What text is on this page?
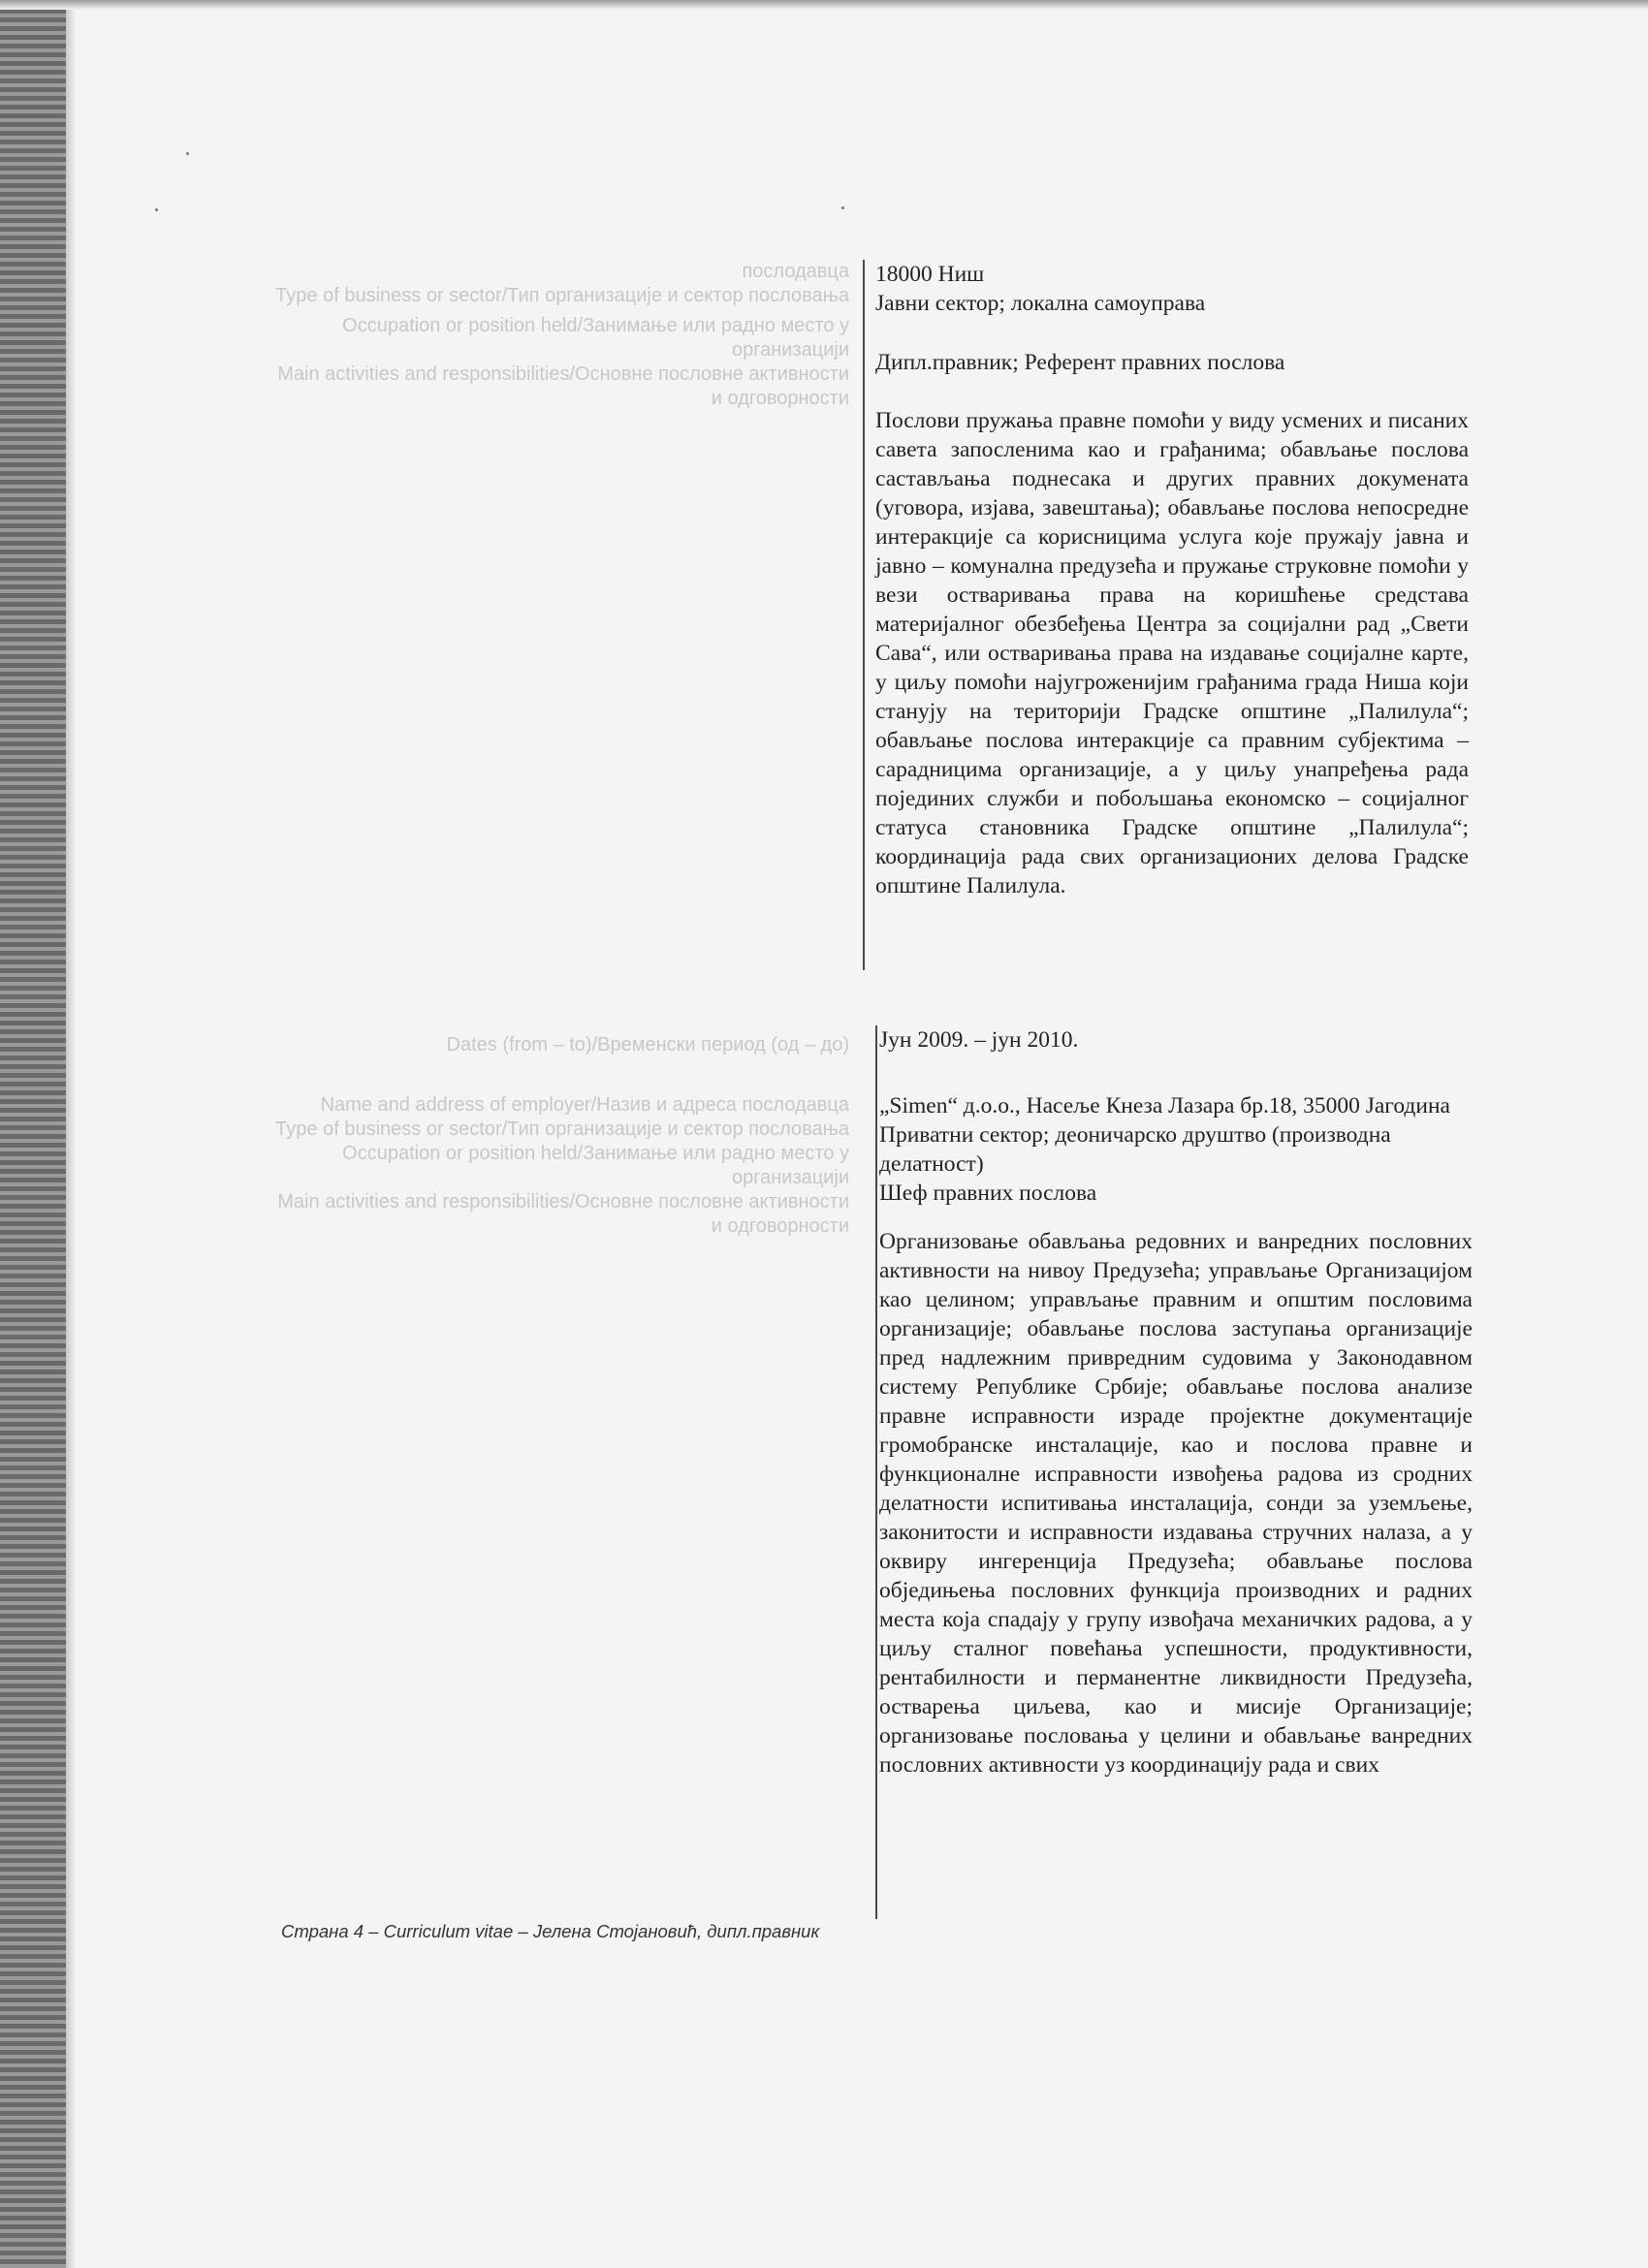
послодавца
Type of business or sector/Тип организације и сектор пословања
Occupation or position held/Занимање или радно место у организацији
Main activities and responsibilities/Основне пословне активности и одговорности

18000 Ниш

Јавни сектор; локална самоуправа

Дипл.правник; Референт правних послова

Послови пружања правне помоћи у виду усмених и писаних савета запосленима као и грађанима; обављање послова састављања поднесака и других правних докумената (уговора, изјава, завештања); обављање послова непосредне интеракције са корисницима услуга које пружају јавна и јавно – комунална предузећа и пружање струковне помоћи у вези остваривања права на коришћење средстава материјалног обезбеђења Центра за социјални рад „Свети Сава“, или остваривања права на издавање социјалне карте, у циљу помоћи најугроженијим грађанима града Ниша који станују на територији Градске општине „Палилула“; обављање послова интеракције са правним субјектима – сарадницима организације, а у циљу унапређења рада појединих служби и побољшања економско – социјалног статуса становника Градске општине „Палилула“; координација рада свих организационих делова Градске општине Палилула.

Dates (from – to)/Временски период (од – до)
Name and address of employer/Назив и адреса послодавца
Type of business or sector/Тип организације и сектор пословања
Occupation or position held/Занимање или радно место у организацији
Main activities and responsibilities/Основне пословне активности и одговорности

Јун 2009. – јун 2010.

„Simen“ д.о.о., Насеље Кнеза Лазара бр.18, 35000 Јагодина

Приватни сектор; деоничарско друштво (производна делатност)

Шеф правних послова

Организовање обављања редовних и ванредних пословних активности на нивоу Предузећа; управљање Организацијом као целином; управљање правним и општим пословима организације; обављање послова заступања организације пред надлежним привредним судовима у Законодавном систему Републике Србије; обављање послова анализе правне исправности израде пројектне документације громобранске инсталације, као и послова правне и функционалне исправности извођења радова из сродних делатности испитивања инсталација, сонди за уземљење, законитости и исправности издавања стручних налаза, а у оквиру ингеренција Предузећа; обављање послова обједињења пословних функција производних и радних места која спадају у групу извођача механичких радова, а у циљу сталног повећања успешности, продуктивности, рентабилности и перманентне ликвидности Предузећа, остварења циљева, као и мисије Организације; организовање пословања у целини и обављање ванредних пословних активности уз координацију рада и свих

Страна 4 – Curriculum vitae – Јелена Стојановић, дипл.правник
